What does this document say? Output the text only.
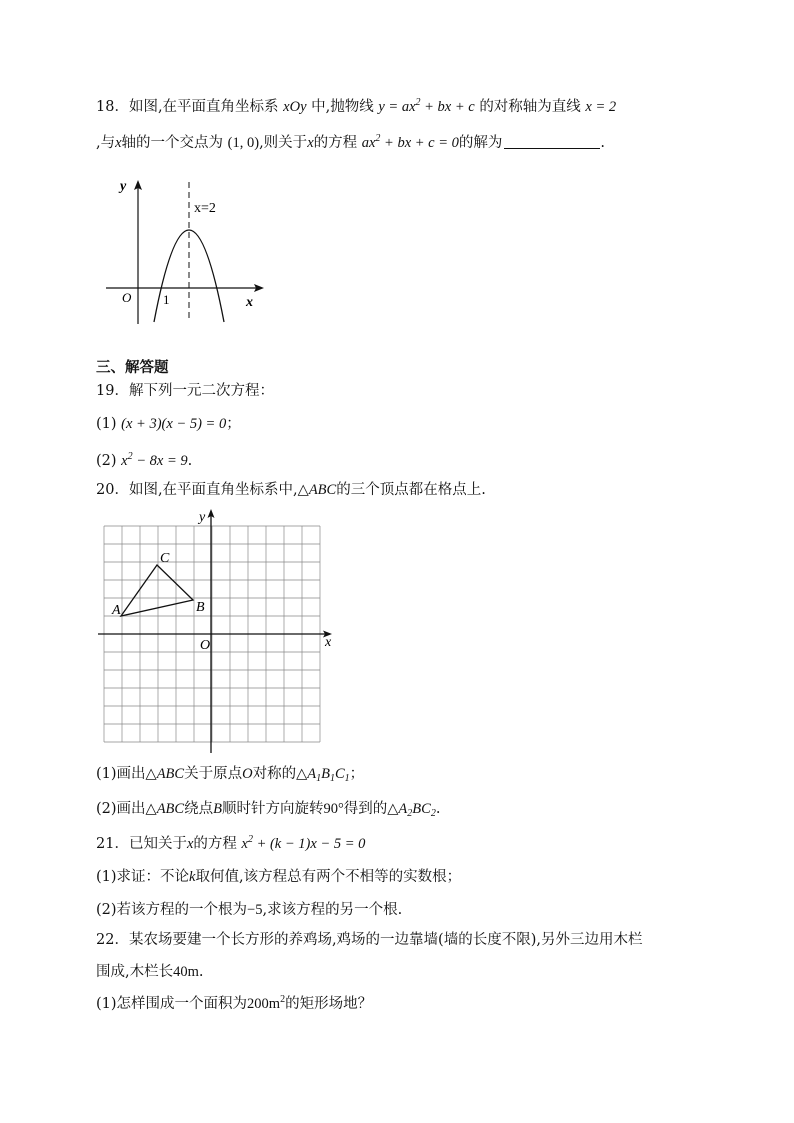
18．如图,在平面直角坐标系 xOy 中,抛物线 $y = ax^2$ + bx + c 的对称轴为直线 x = 2
,与x轴的一个交点为 (1, 0),则关于x的方程 $ax^2$ + bx + c = 0的解为	.
y
x
O 1
x=2
三、解答题
19．解下列一元二次方程：
(1) (x + 3)(x − 5) = 0；
(2) $x^2 - 8x = 9$.
20．如图,在平面直角坐标系中,△ABC的三个顶点都在格点上.
y
x
O
A	B
C
(1)画出△ABC关于原点O对称的$\triangle A_1B_1C_1$；
(2)画出△ABC绕点B顺时针方向旋转90°得到的$\triangle A_2BC_2$.
21．已知关于x的方程 $x^2 + (k - 1)x - 5 = 0$
(1)求证：不论k取何值,该方程总有两个不相等的实数根；
(2)若该方程的一个根为−5,求该方程的另一个根.
22．某农场要建一个长方形的养鸡场,鸡场的一边靠墙(墙的长度不限),另外三边用木栏
围成,木栏长40m.
(1)怎样围成一个面积为$200m^2$的矩形场地？
